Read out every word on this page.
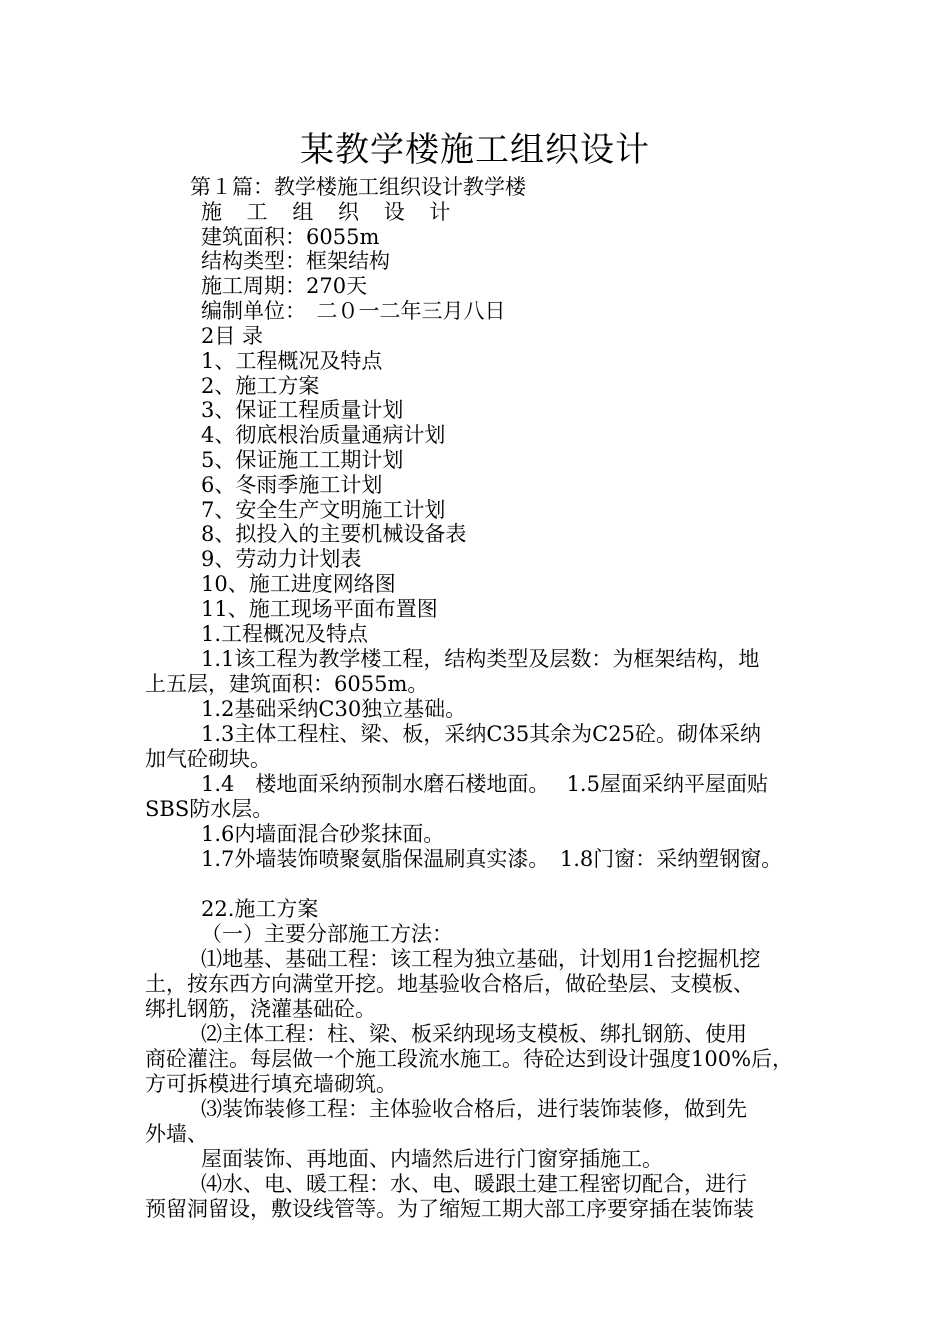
某教学楼施工组织设计
第１篇：教学楼施工组织设计教学楼
施 工 组 织 设 计
建筑面积：6055m
结构类型：框架结构
施工周期：270天
编制单位：　二０一二年三月八日
2目 录
1、工程概况及特点
2、施工方案
3、保证工程质量计划
4、彻底根治质量通病计划
5、保证施工工期计划
6、冬雨季施工计划
7、安全生产文明施工计划
8、拟投入的主要机械设备表
9、劳动力计划表
10、施工进度网络图
11、施工现场平面布置图
1.工程概况及特点
1.1该工程为教学楼工程，结构类型及层数：为框架结构，地
上五层，建筑面积：6055m。
1.2基础采纳C30独立基础。
1.3主体工程柱、梁、板，采纳C35其余为C25砼。砌体采纳
加气砼砌块。
1.4　楼地面采纳预制水磨石楼地面。　 1.5屋面采纳平屋面贴
SBS防水层。
1.6内墙面混合砂浆抹面。
1.7外墙装饰喷聚氨脂保温刷真实漆。　1.8门窗：采纳塑钢窗。
22.施工方案
（一）主要分部施工方法：
⑴地基、基础工程：该工程为独立基础，计划用1台挖掘机挖
土，按东西方向满堂开挖。地基验收合格后，做砼垫层、支模板、
绑扎钢筋，浇灌基础砼。
⑵主体工程：柱、梁、板采纳现场支模板、绑扎钢筋、使用
商砼灌注。每层做一个施工段流水施工。待砼达到设计强度100%后，
方可拆模进行填充墙砌筑。
⑶装饰装修工程：主体验收合格后，进行装饰装修，做到先
外墙、
屋面装饰、再地面、内墙然后进行门窗穿插施工。
⑷水、电、暖工程：水、电、暖跟土建工程密切配合，进行
预留洞留设，敷设线管等。为了缩短工期大部工序要穿插在装饰装
